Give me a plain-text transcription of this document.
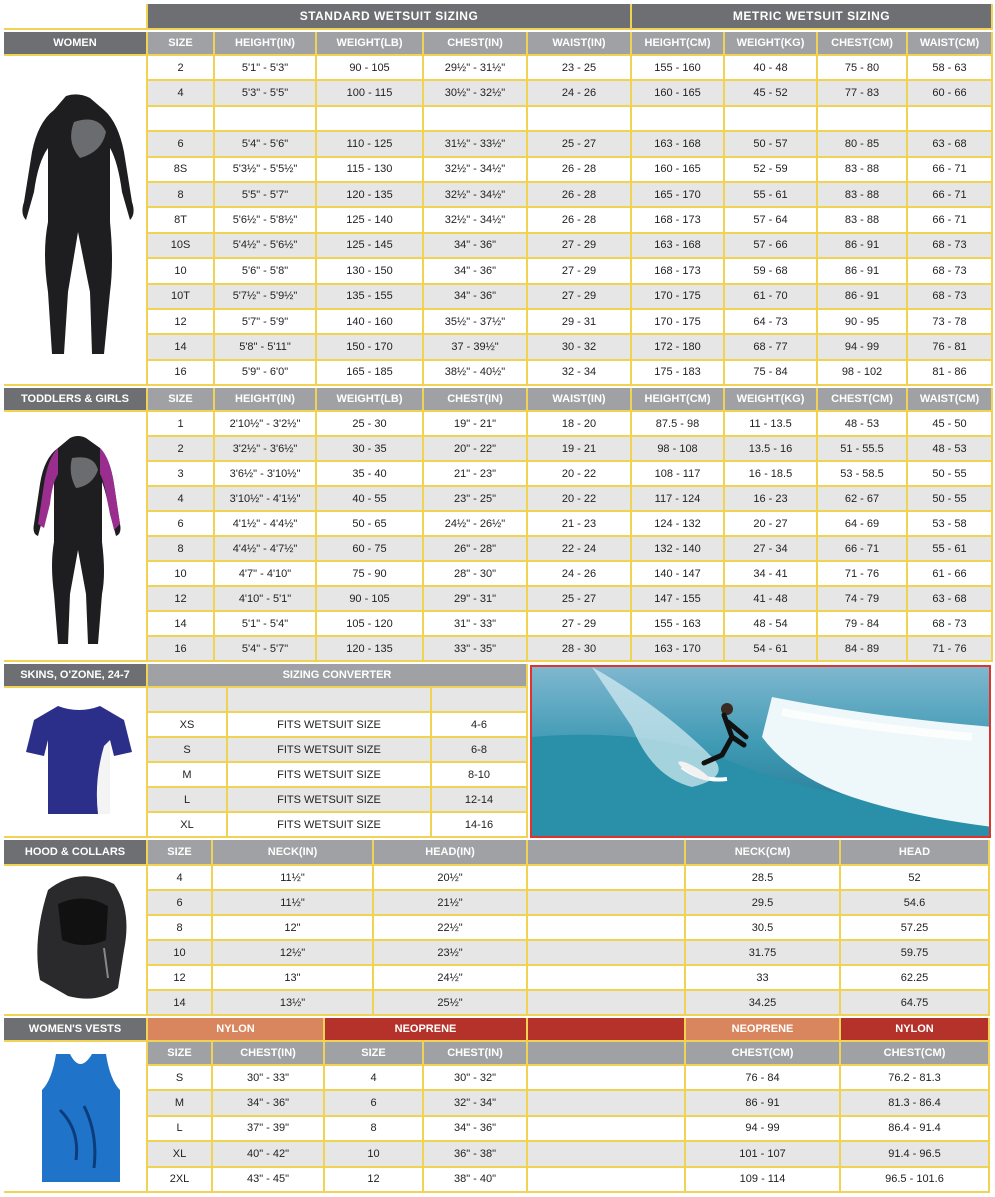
STANDARD WETSUIT SIZING	METRIC WETSUIT SIZING
WOMEN	SIZE	HEIGHT(IN)	WEIGHT(LB)	CHEST(IN)	WAIST(IN)	HEIGHT(CM)	WEIGHT(KG)	CHEST(CM)	WAIST(CM)
2	5'1" - 5'3"	90 - 105	29½" - 31½"	23 - 25	155 - 160	40 - 48	75 - 80	58 - 63
4	5'3" - 5'5"	100 - 115	30½" - 32½"	24 - 26	160 - 165	45 - 52	77 - 83	60 - 66
6	5'4" - 5'6"	110 - 125	31½" - 33½"	25 - 27	163 - 168	50 - 57	80 - 85	63 - 68
8S	5'3½" - 5'5½"	115 - 130	32½" - 34½"	26 - 28	160 - 165	52 - 59	83 - 88	66 - 71
8	5'5" - 5'7"	120 - 135	32½" - 34½"	26 - 28	165 - 170	55 - 61	83 - 88	66 - 71
8T	5'6½" - 5'8½"	125 - 140	32½" - 34½"	26 - 28	168 - 173	57 - 64	83 - 88	66 - 71
10S	5'4½" - 5'6½"	125 - 145	34" - 36"	27 - 29	163 - 168	57 - 66	86 - 91	68 - 73
10	5'6" - 5'8"	130 - 150	34" - 36"	27 - 29	168 - 173	59 - 68	86 - 91	68 - 73
10T	5'7½" - 5'9½"	135 - 155	34" - 36"	27 - 29	170 - 175	61 - 70	86 - 91	68 - 73
12	5'7" - 5'9"	140 - 160	35½" - 37½"	29 - 31	170 - 175	64 - 73	90 - 95	73 - 78
14	5'8" - 5'11"	150 - 170	37 - 39½"	30 - 32	172 - 180	68 - 77	94 - 99	76 - 81
16	5'9" - 6'0"	165 - 185	38½" - 40½"	32 - 34	175 - 183	75 - 84	98 - 102	81 - 86
TODDLERS & GIRLS	SIZE	HEIGHT(IN)	WEIGHT(LB)	CHEST(IN)	WAIST(IN)	HEIGHT(CM)	WEIGHT(KG)	CHEST(CM)	WAIST(CM)
1	2'10½" - 3'2½"	25 - 30	19" - 21"	18 - 20	87.5 - 98	11 - 13.5	48 - 53	45 - 50
2	3'2½" - 3'6½"	30 - 35	20" - 22"	19 - 21	98 - 108	13.5 - 16	51 - 55.5	48 - 53
3	3'6½" - 3'10½"	35 - 40	21" - 23"	20 - 22	108 - 117	16 - 18.5	53 - 58.5	50 - 55
4	3'10½" - 4'1½"	40 - 55	23" - 25"	20 - 22	117 - 124	16 - 23	62 - 67	50 - 55
6	4'1½" - 4'4½"	50 - 65	24½" - 26½"	21 - 23	124 - 132	20 - 27	64 - 69	53 - 58
8	4'4½" - 4'7½"	60 - 75	26" - 28"	22 - 24	132 - 140	27 - 34	66 - 71	55 - 61
10	4'7" - 4'10"	75 - 90	28" - 30"	24 - 26	140 - 147	34 - 41	71 - 76	61 - 66
12	4'10" - 5'1"	90 - 105	29" - 31"	25 - 27	147 - 155	41 - 48	74 - 79	63 - 68
14	5'1" - 5'4"	105 - 120	31" - 33"	27 - 29	155 - 163	48 - 54	79 - 84	68 - 73
16	5'4" - 5'7"	120 - 135	33" - 35"	28 - 30	163 - 170	54 - 61	84 - 89	71 - 76
SKINS, O'ZONE, 24-7	SIZING CONVERTER
XS	FITS WETSUIT SIZE	4-6
S	FITS WETSUIT SIZE	6-8
M	FITS WETSUIT SIZE	8-10
L	FITS WETSUIT SIZE	12-14
XL	FITS WETSUIT SIZE	14-16
HOOD & COLLARS	SIZE	NECK(IN)	HEAD(IN)	NECK(CM)	HEAD
4	11½"	20½"	28.5	52
6	11½"	21½"	29.5	54.6
8	12"	22½"	30.5	57.25
10	12½"	23½"	31.75	59.75
12	13"	24½"	33	62.25
14	13½"	25½"	34.25	64.75
WOMEN'S VESTS	NYLON	NEOPRENE	NEOPRENE	NYLON
SIZE	CHEST(IN)	SIZE	CHEST(IN)	CHEST(CM)	CHEST(CM)
S	30" - 33"	4	30" - 32"	76 - 84	76.2 - 81.3
M	34" - 36"	6	32" - 34"	86 - 91	81.3 - 86.4
L	37" - 39"	8	34" - 36"	94 - 99	86.4 - 91.4
XL	40" - 42"	10	36" - 38"	101 - 107	91.4 - 96.5
2XL	43" - 45"	12	38" - 40"	109 - 114	96.5 - 101.6
